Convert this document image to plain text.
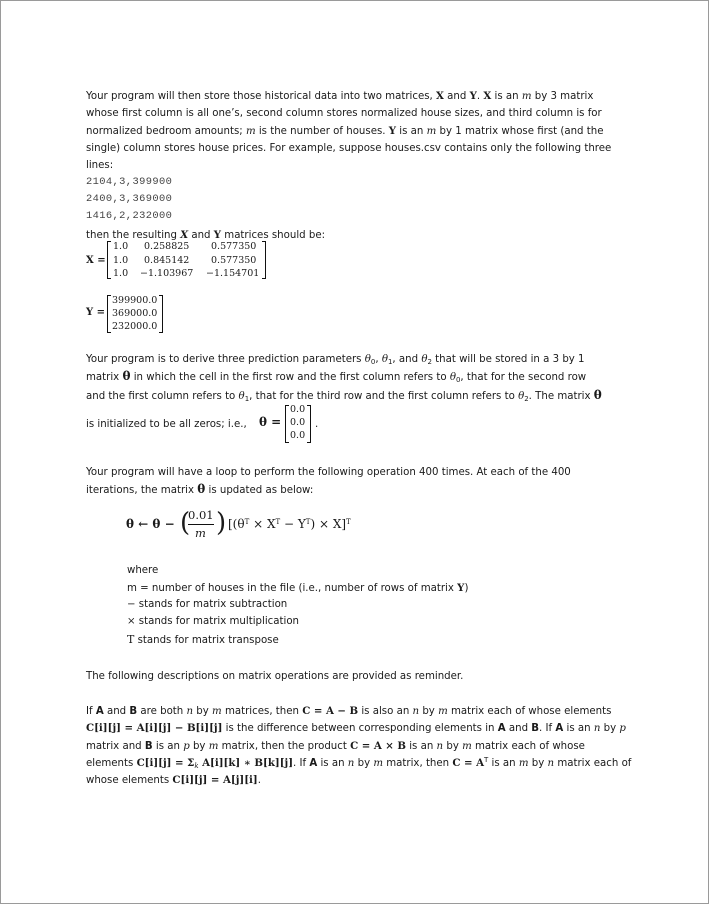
Your program will then store those historical data into two matrices, X and Y. X is an m by 3 matrix
whose first column is all one’s, second column stores normalized house sizes, and third column is for
normalized bedroom amounts; m is the number of houses. Y is an m by 1 matrix whose first (and the
single) column stores house prices. For example, suppose houses.csv contains only the following three
lines:
2104,3,399900
2400,3,369000
1416,2,232000
then the resulting X and Y matrices should be:
X =
1.0 0.258825 0.577350
1.0 0.845142 0.577350
1.0 −1.103967 −1.154701
Y =
399900.0
369000.0
232000.0
Your program is to derive three prediction parameters $\theta_0$, $\theta_1$, and $\theta_2$ that will be stored in a 3 by 1
matrix θ in which the cell in the first row and the first column refers to $\theta_0$, that for the second row
and the first column refers to $\theta_1$, that for the third row and the first column refers to $\theta_2$. The matrix θ
is initialized to be all zeros; i.e., θ =
0.0
0.0
0.0
.
Your program will have a loop to perform the following operation 400 times. At each of the 400
iterations, the matrix θ is updated as below:
θ ← θ − (
0.01
m ) $[(\theta^T \times X^T - Y^T) \times X]^T$
where
m = number of houses in the file (i.e., number of rows of matrix Y)
− stands for matrix subtraction
× stands for matrix multiplication
T stands for matrix transpose
The following descriptions on matrix operations are provided as reminder.
If A and B are both n by m matrices, then C = A − B is also an n by m matrix each of whose elements
C[i][j] = A[i][j] − B[i][j] is the difference between corresponding elements in A and B. If A is an n by p
matrix and B is an p by m matrix, then the product C = A × B is an n by m matrix each of whose
elements $C[i][j] = \Sigma_k$ A[i][k] ∗ B[k][j]. If A is an n by m matrix, then $C = A^T$ is an m by n matrix each of
whose elements C[i][j] = A[j][i].
